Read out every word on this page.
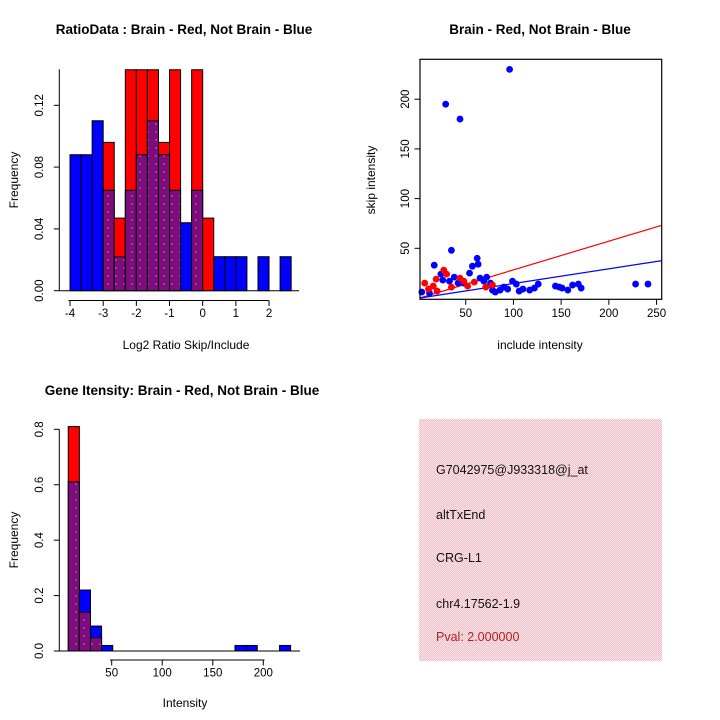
0.00
0.04
0.08
0.12
-4 -3 -2 -1 0 1 2	50	100 150 200 250
50
100
150
200
0.0
0.2
0.4
0.6
0.8
50	100	150	200
RatioData : Brain - Red, Not Brain - Blue
Log2 Ratio Skip/Include
Frequency
Brain - Red, Not Brain - Blue
include intensity
skip intensity
Gene Itensity: Brain - Red, Not Brain - Blue
Intensity
Frequency
G7042975@J933318@j_at
altTxEnd
CRG-L1
chr4.17562-1.9
Pval: 2.000000
